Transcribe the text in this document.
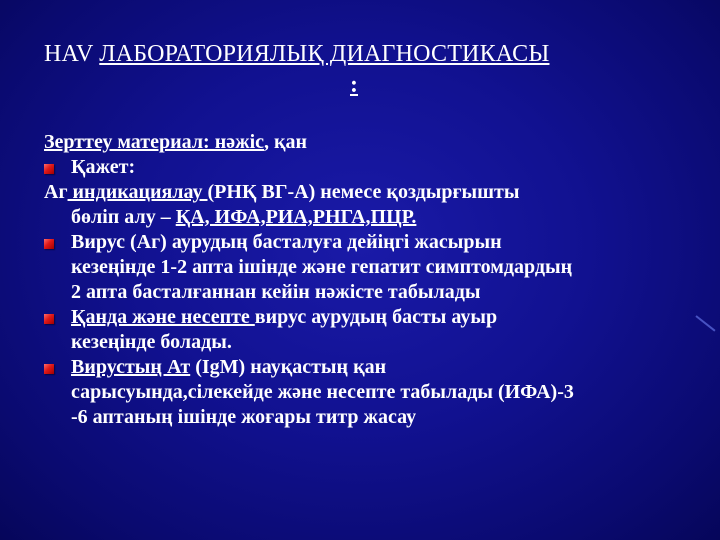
HAV ЛАБОРАТОРИЯЛЫҚ ДИАГНОСТИКАСЫ
:
Зерттеу материал: нәжіс, қан
Қажет:
Аг индикациялау (РНҚ ВГ-А) немесе қоздырғышты
бөліп алу – ҚА, ИФА,РИА,РНГА,ПЦР.
Вирус (Аг) аурудың басталуға дейіңгі жасырын
кезеңінде 1-2 апта ішінде және гепатит симптомдардың
2 апта басталғаннан кейін нәжісте табылады
Қанда және несепте вирус аурудың басты ауыр
кезеңінде болады.
Вирустың Ат (IgM) науқастың қан
сарысуында,сілекейде және несепте табылады (ИФА)-3
-6 аптаның ішінде жоғары титр жасау
